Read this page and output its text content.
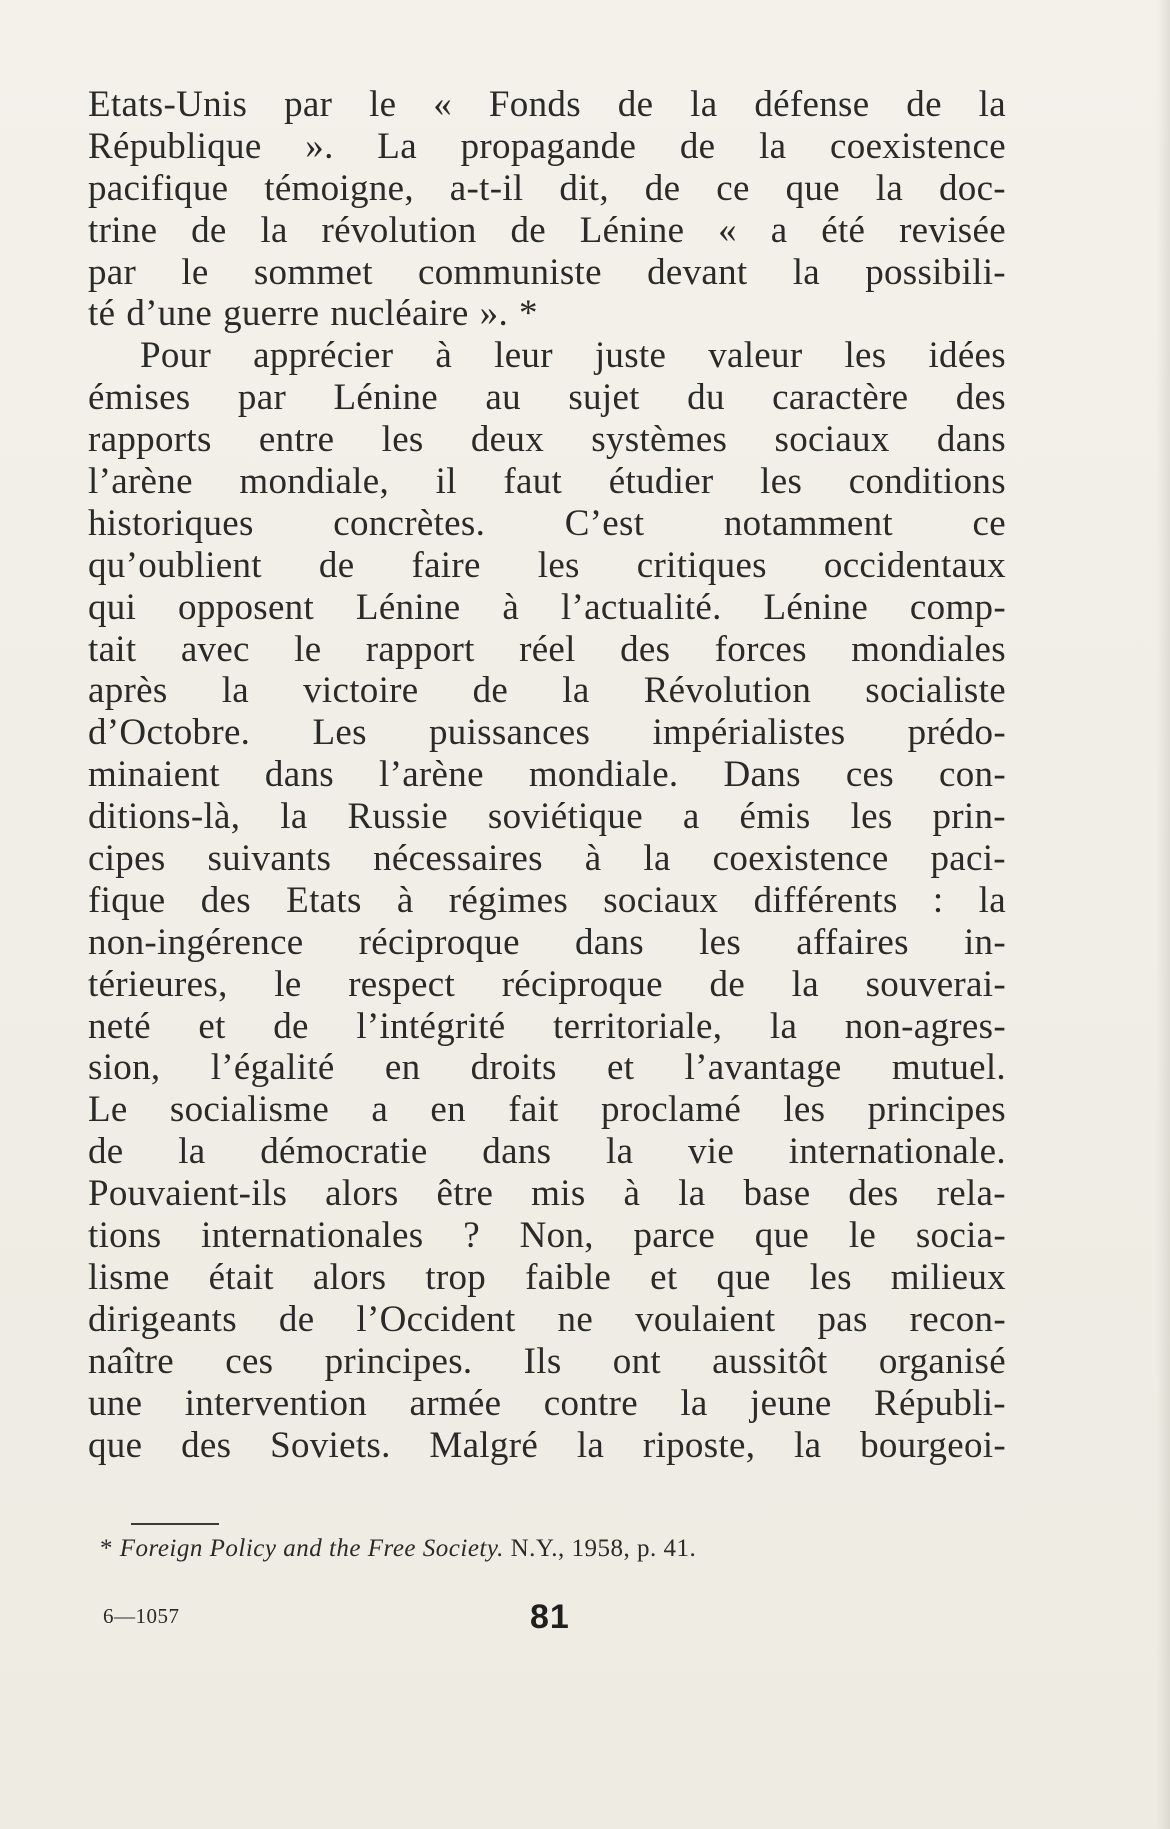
Etats-Unis par le « Fonds de la défense de la
République ». La propagande de la coexistence
pacifique témoigne, a-t-il dit, de ce que la doc-
trine de la révolution de Lénine « a été revisée
par le sommet communiste devant la possibili-
té d’une guerre nucléaire ». *
Pour apprécier à leur juste valeur les idées
émises par Lénine au sujet du caractère des
rapports entre les deux systèmes sociaux dans
l’arène mondiale, il faut étudier les conditions
historiques concrètes. C’est notamment ce
qu’oublient de faire les critiques occidentaux
qui opposent Lénine à l’actualité. Lénine comp-
tait avec le rapport réel des forces mondiales
après la victoire de la Révolution socialiste
d’Octobre. Les puissances impérialistes prédo-
minaient dans l’arène mondiale. Dans ces con-
ditions-là, la Russie soviétique a émis les prin-
cipes suivants nécessaires à la coexistence paci-
fique des Etats à régimes sociaux différents : la
non-ingérence réciproque dans les affaires in-
térieures, le respect réciproque de la souverai-
neté et de l’intégrité territoriale, la non-agres-
sion, l’égalité en droits et l’avantage mutuel.
Le socialisme a en fait proclamé les principes
de la démocratie dans la vie internationale.
Pouvaient-ils alors être mis à la base des rela-
tions internationales ? Non, parce que le socia-
lisme était alors trop faible et que les milieux
dirigeants de l’Occident ne voulaient pas recon-
naître ces principes. Ils ont aussitôt organisé
une intervention armée contre la jeune Républi-
que des Soviets. Malgré la riposte, la bourgeoi-
* Foreign Policy and the Free Society. N.Y., 1958, p. 41.
6—1057	81
